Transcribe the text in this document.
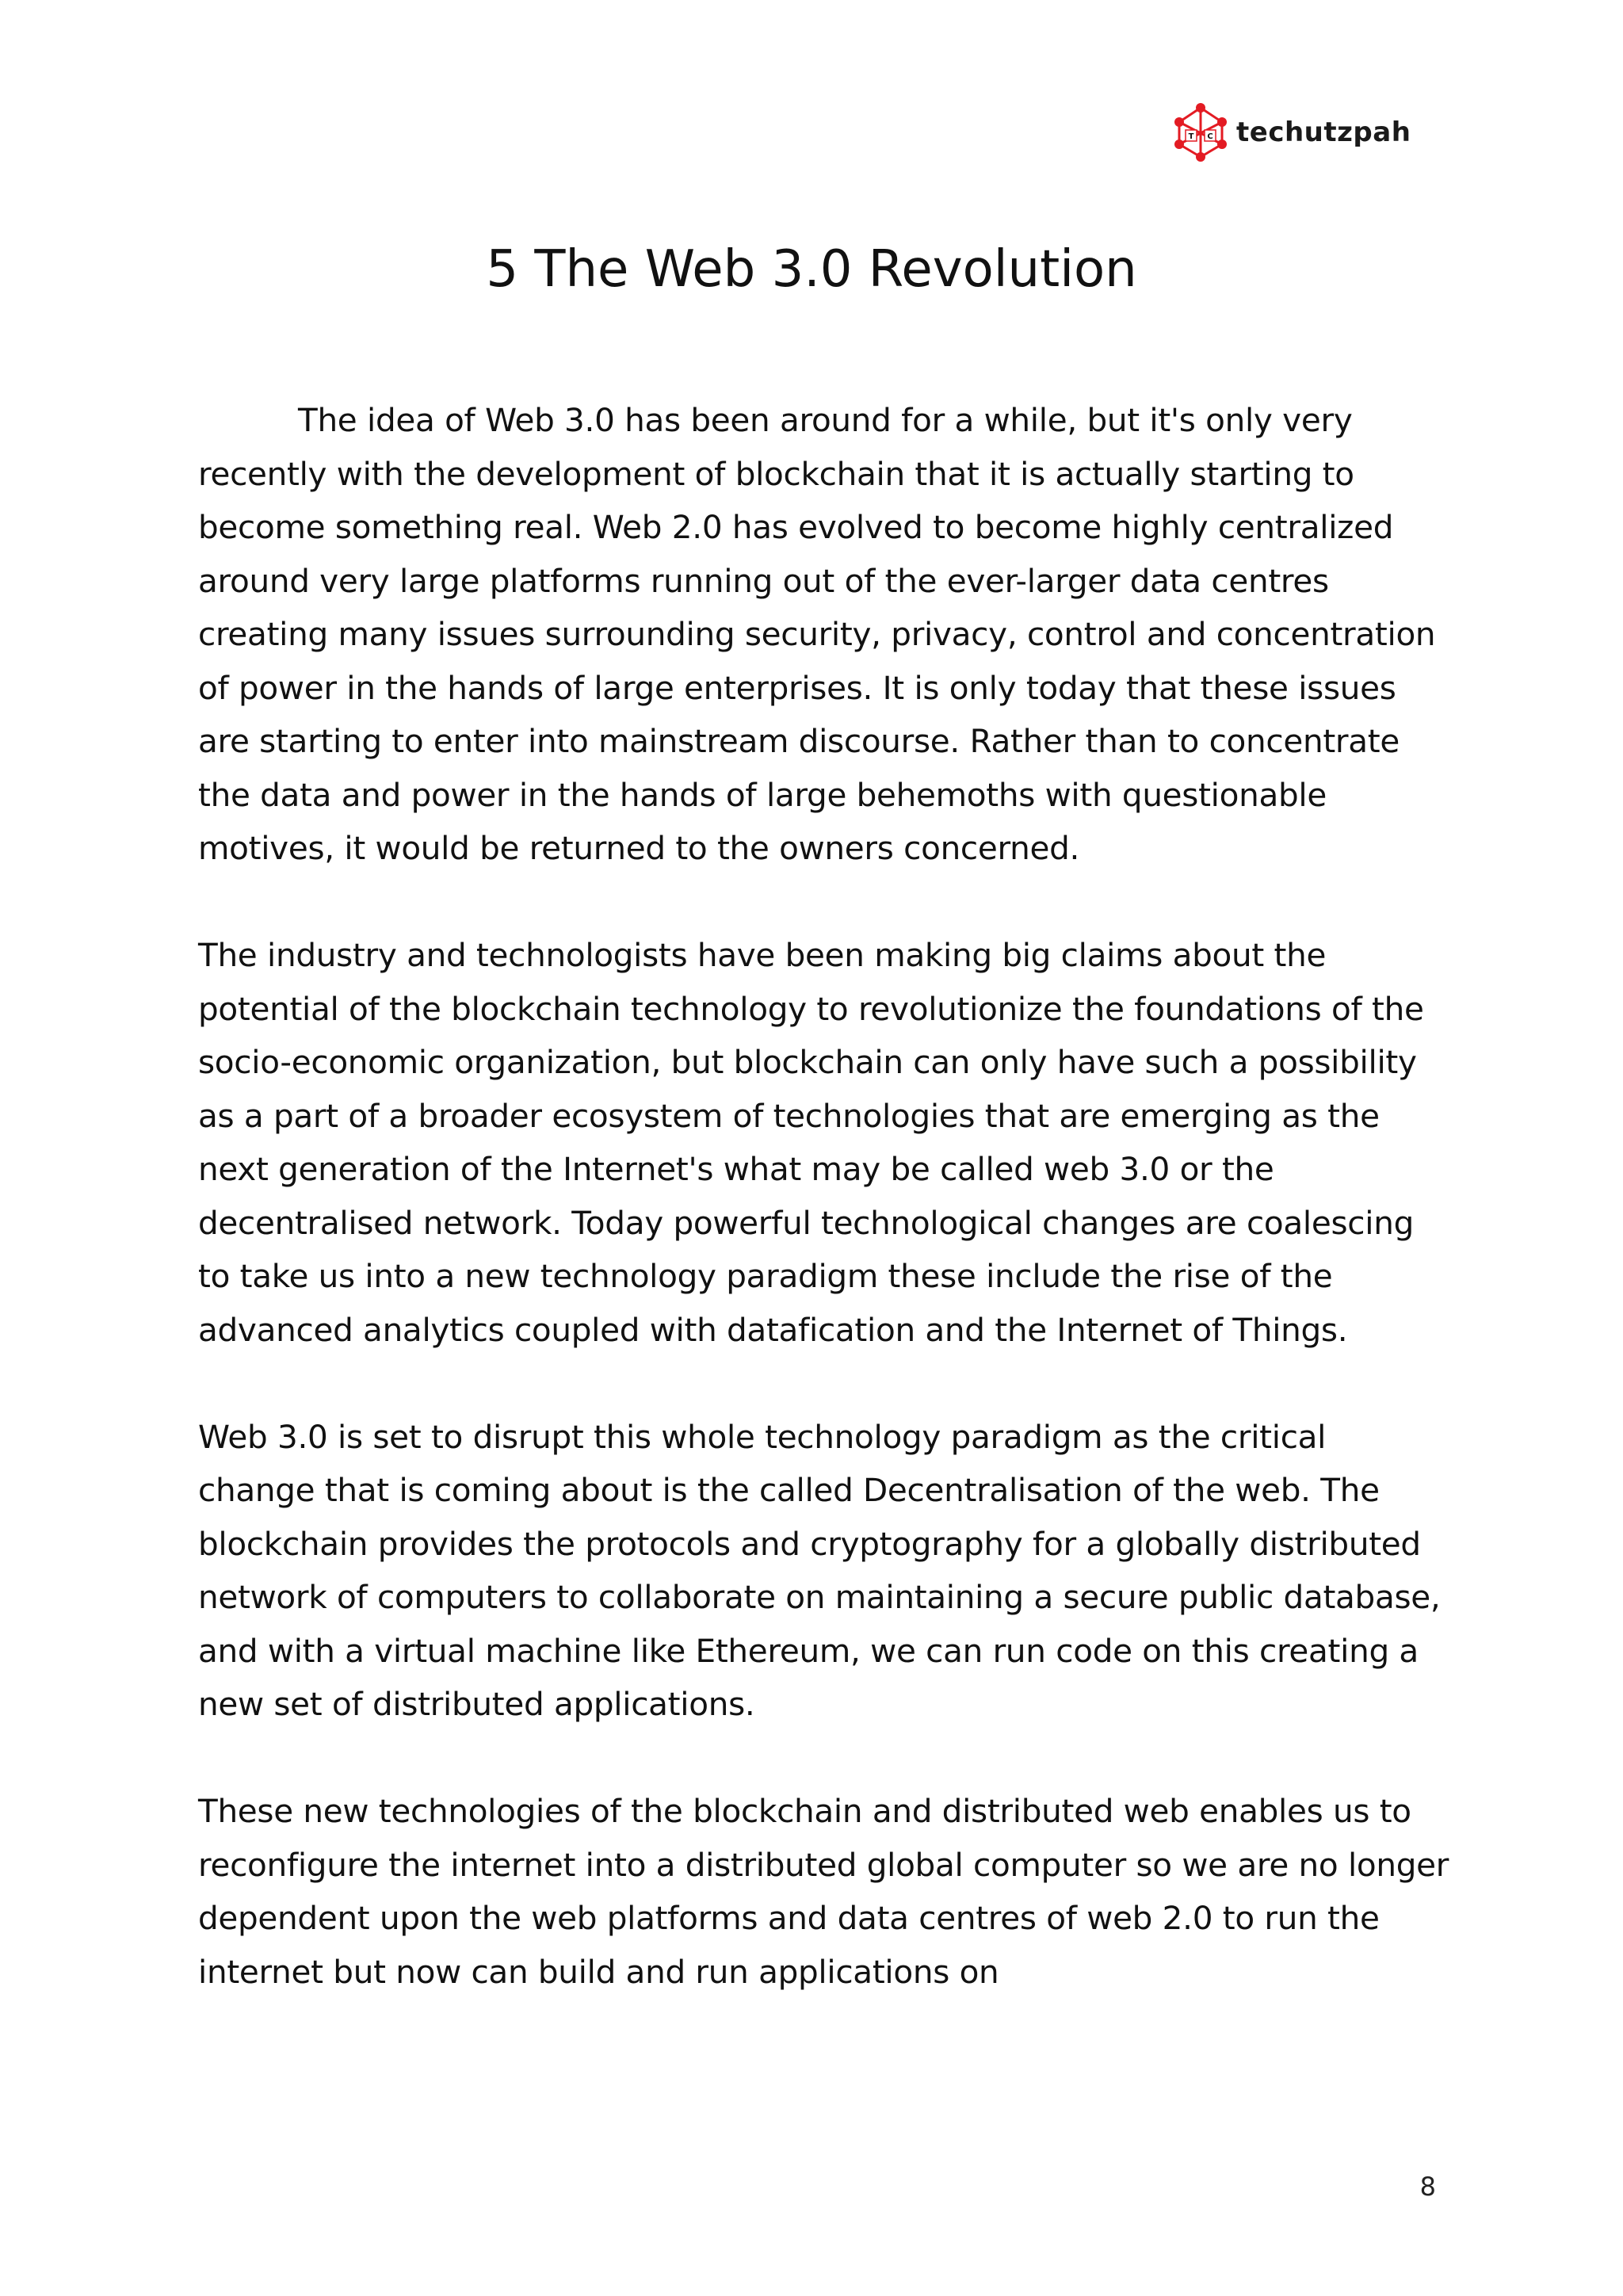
T C techutzpah
5 The Web 3.0 Revolution

The idea of Web 3.0 has been around for a while, but it's only very recently with the development of blockchain that it is actually starting to become something real. Web 2.0 has evolved to become highly centralized around very large platforms running out of the ever-larger data centres creating many issues surrounding security, privacy, control and concentration of power in the hands of large enterprises. It is only today that these issues are starting to enter into mainstream discourse. Rather than to concentrate the data and power in the hands of large behemoths with questionable motives, it would be returned to the owners concerned.

The industry and technologists have been making big claims about the potential of the blockchain technology to revolutionize the foundations of the socio-economic organization, but blockchain can only have such a possibility as a part of a broader ecosystem of technologies that are emerging as the next generation of the Internet's what may be called web 3.0 or the decentralised network. Today powerful technological changes are coalescing to take us into a new technology paradigm these include the rise of the advanced analytics coupled with datafication and the Internet of Things.

Web 3.0 is set to disrupt this whole technology paradigm as the critical change that is coming about is the called Decentralisation of the web. The blockchain provides the protocols and cryptography for a globally distributed network of computers to collaborate on maintaining a secure public database, and with a virtual machine like Ethereum, we can run code on this creating a new set of distributed applications.

These new technologies of the blockchain and distributed web enables us to reconfigure the internet into a distributed global computer so we are no longer dependent upon the web platforms and data centres of web 2.0 to run the internet but now can build and run applications on

8
